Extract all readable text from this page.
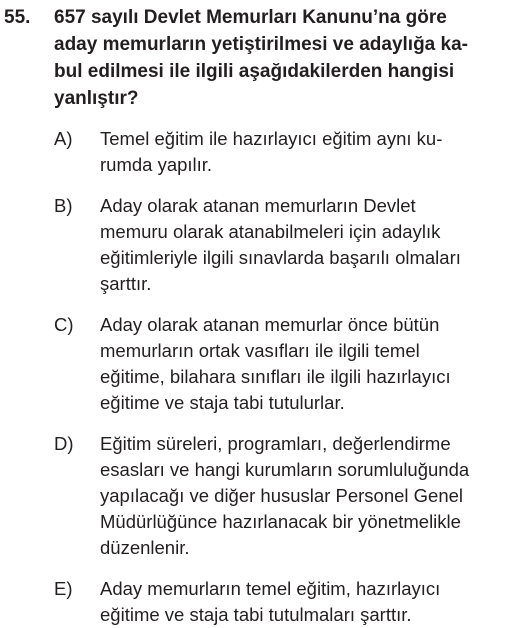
55.	657 sayılı Devlet Memurları Kanunu’na göre
aday memurların yetiştirilmesi ve adaylığa ka-
bul edilmesi ile ilgili aşağıdakilerden hangisi
yanlıştır?
A)	Temel eğitim ile hazırlayıcı eğitim aynı ku-
rumda yapılır.
B)	Aday olarak atanan memurların Devlet
memuru olarak atanabilmeleri için adaylık
eğitimleriyle ilgili sınavlarda başarılı olmaları
şarttır.
C)	Aday olarak atanan memurlar önce bütün
memurların ortak vasıfları ile ilgili temel
eğitime, bilahara sınıfları ile ilgili hazırlayıcı
eğitime ve staja tabi tutulurlar.
D)	Eğitim süreleri, programları, değerlendirme
esasları ve hangi kurumların sorumluluğunda
yapılacağı ve diğer hususlar Personel Genel
Müdürlüğünce hazırlanacak bir yönetmelikle
düzenlenir.
E)	Aday memurların temel eğitim, hazırlayıcı
eğitime ve staja tabi tutulmaları şarttır.
